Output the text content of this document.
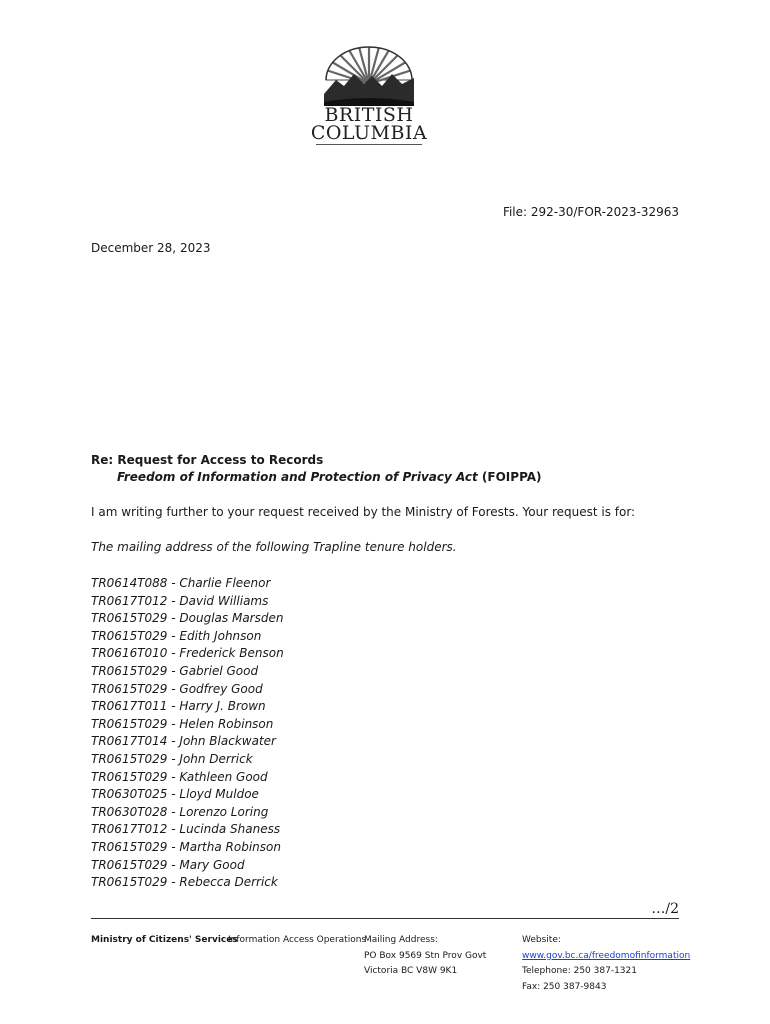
BRITISH
COLUMBIA
File: 292-30/FOR-2023-32963
December 28, 2023
Re: Request for Access to Records
Freedom of Information and Protection of Privacy Act (FOIPPA)
I am writing further to your request received by the Ministry of Forests. Your request is for:
The mailing address of the following Trapline tenure holders.
TR0614T088 - Charlie Fleenor
TR0617T012 - David Williams
TR0615T029 - Douglas Marsden
TR0615T029 - Edith Johnson
TR0616T010 - Frederick Benson
TR0615T029 - Gabriel Good
TR0615T029 - Godfrey Good
TR0617T011 - Harry J. Brown
TR0615T029 - Helen Robinson
TR0617T014 - John Blackwater
TR0615T029 - John Derrick
TR0615T029 - Kathleen Good
TR0630T025 - Lloyd Muldoe
TR0630T028 - Lorenzo Loring
TR0617T012 - Lucinda Shaness
TR0615T029 - Martha Robinson
TR0615T029 - Mary Good
TR0615T029 - Rebecca Derrick
…/2
Ministry of Citizens' Services
Information Access Operations
Mailing Address:
PO Box 9569 Stn Prov Govt
Victoria BC V8W 9K1
Website:
www.gov.bc.ca/freedomofinformation
Telephone: 250 387-1321
Fax: 250 387-9843
